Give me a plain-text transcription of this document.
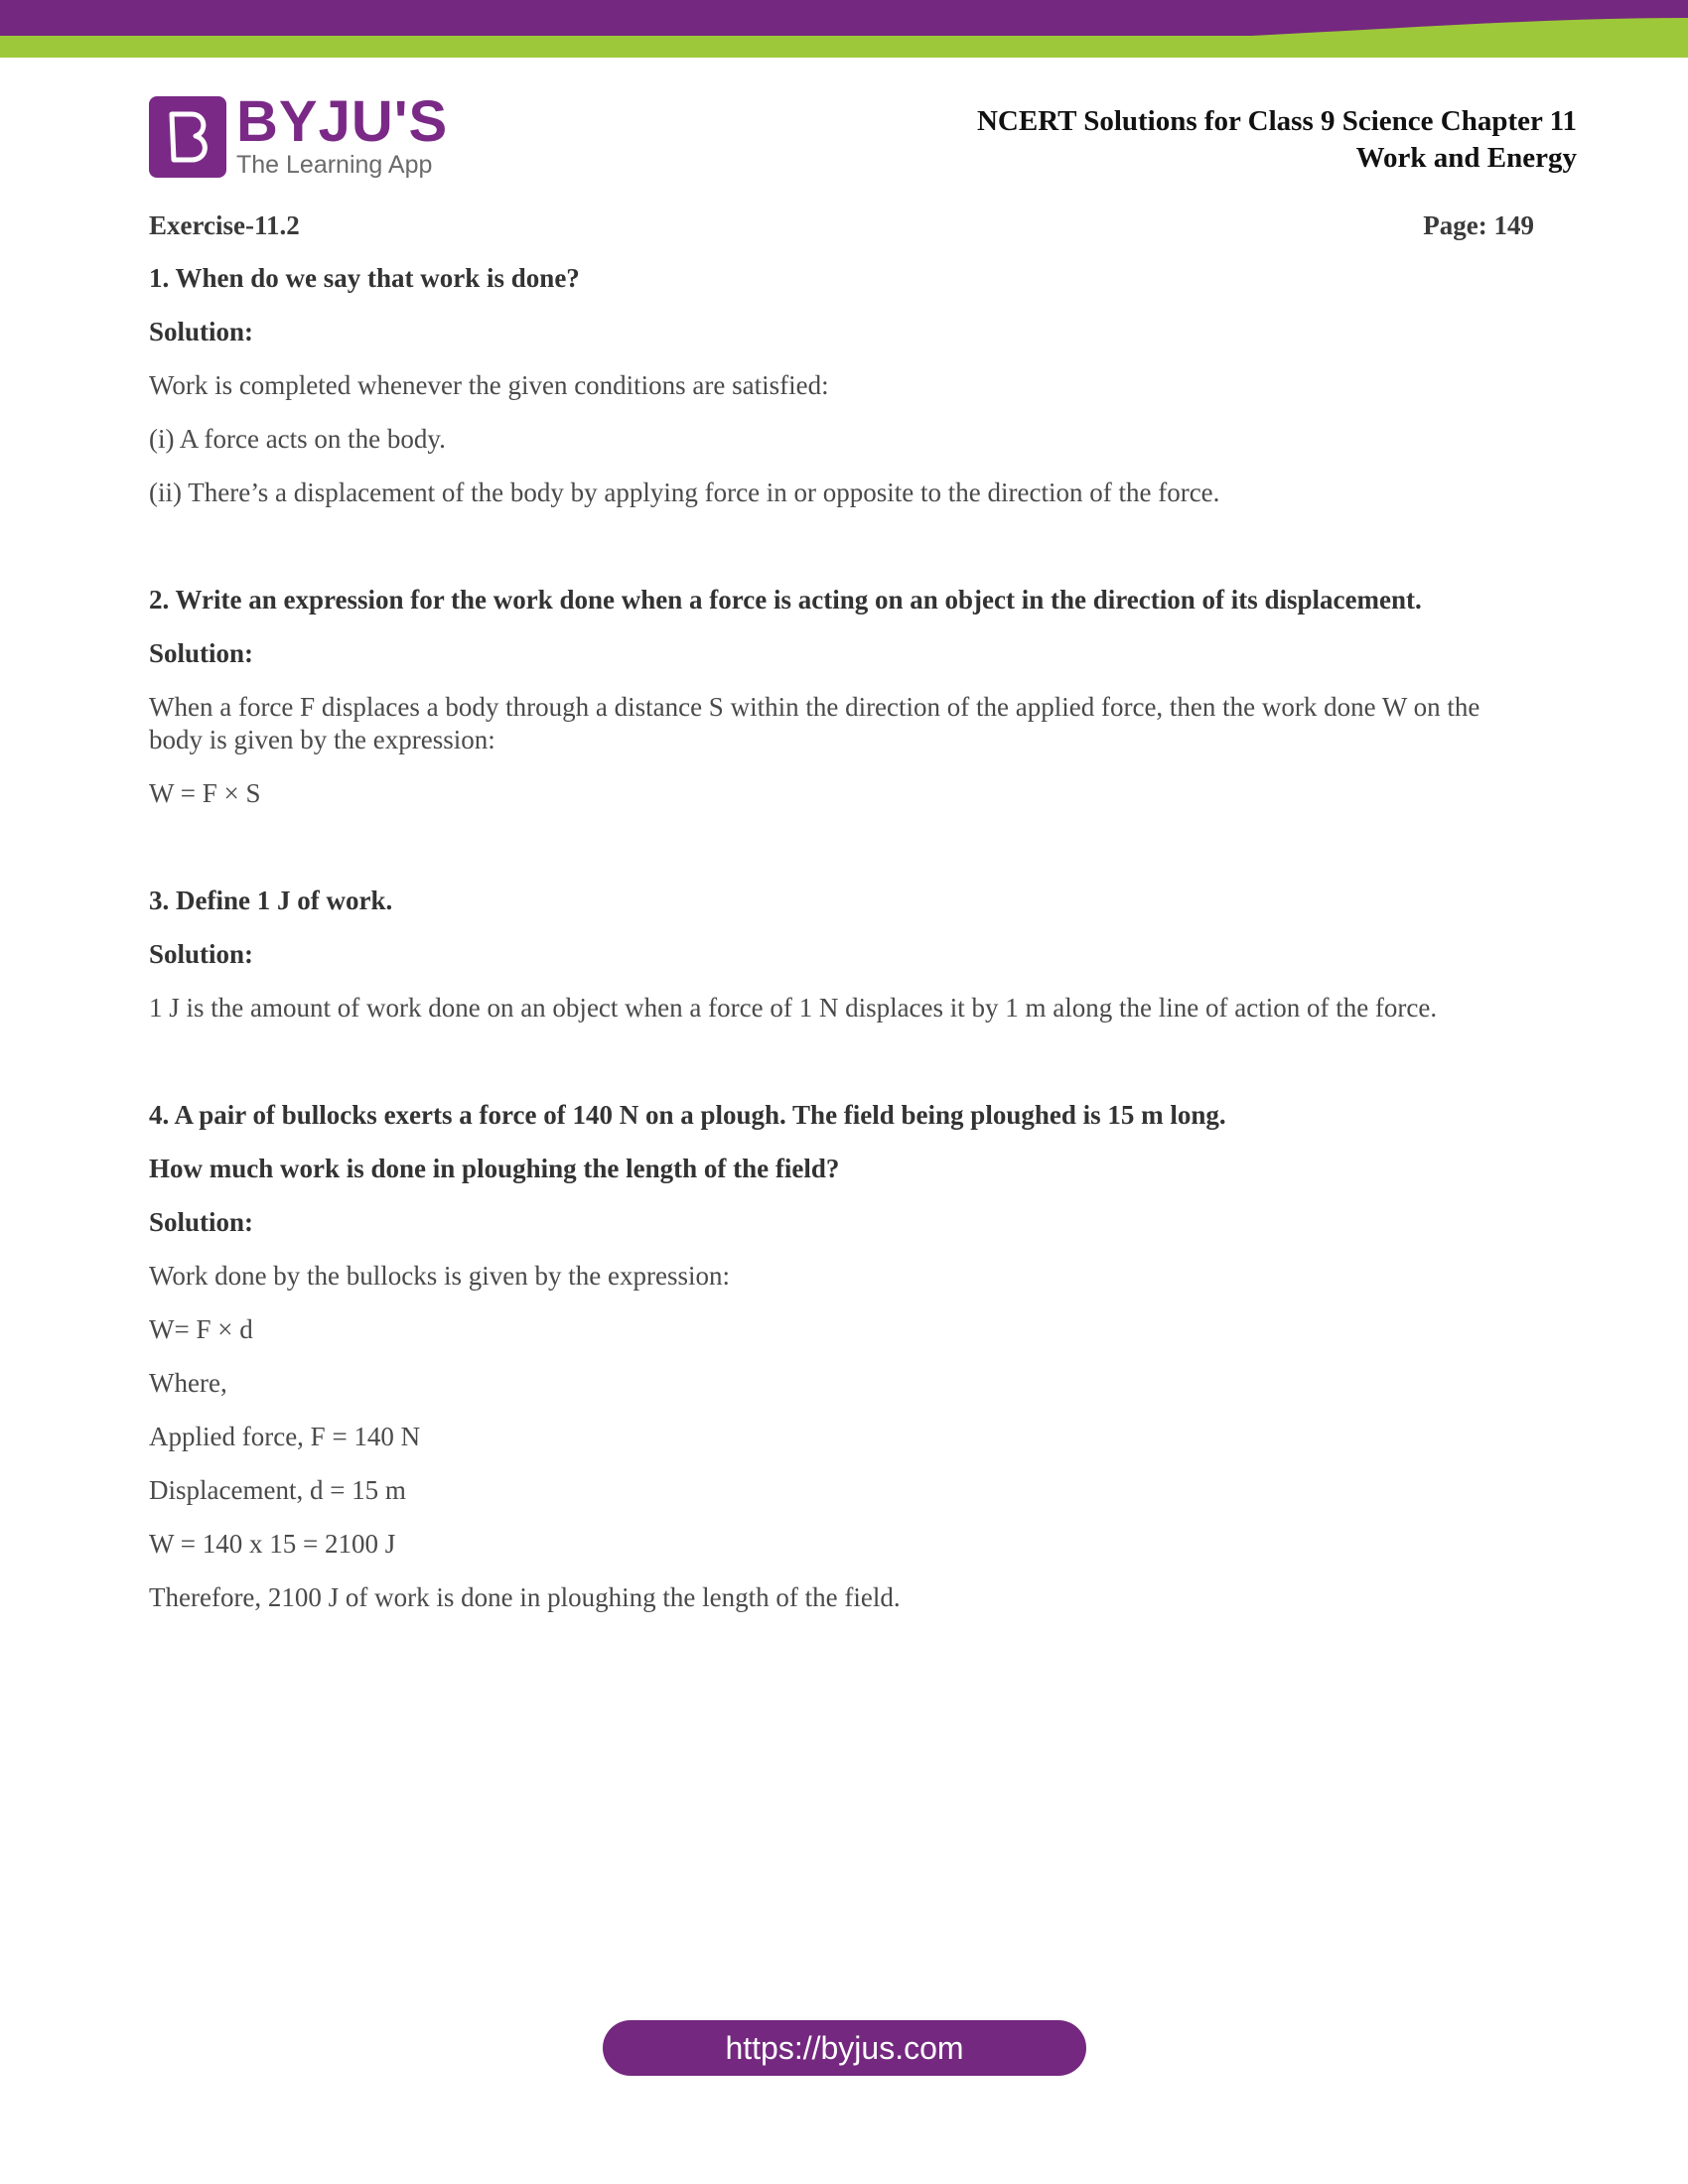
BYJU'S
The Learning App
NCERT Solutions for Class 9 Science Chapter 11
Work and Energy
Exercise-11.2	Page: 149

1. When do we say that work is done?

Solution:

Work is completed whenever the given conditions are satisfied:

(i) A force acts on the body.

(ii) There’s a displacement of the body by applying force in or opposite to the direction of the force.

2. Write an expression for the work done when a force is acting on an object in the direction of its displacement.

Solution:

When a force F displaces a body through a distance S within the direction of the applied force, then the work done W on the body is given by the expression:

W = F × S

3. Define 1 J of work.

Solution:

1 J is the amount of work done on an object when a force of 1 N displaces it by 1 m along the line of action of the force.

4. A pair of bullocks exerts a force of 140 N on a plough. The field being ploughed is 15 m long.

How much work is done in ploughing the length of the field?

Solution:

Work done by the bullocks is given by the expression:

W= F × d

Where,

Applied force, F = 140 N

Displacement, d = 15 m

W = 140 x 15 = 2100 J

Therefore, 2100 J of work is done in ploughing the length of the field.

https://byjus.com
